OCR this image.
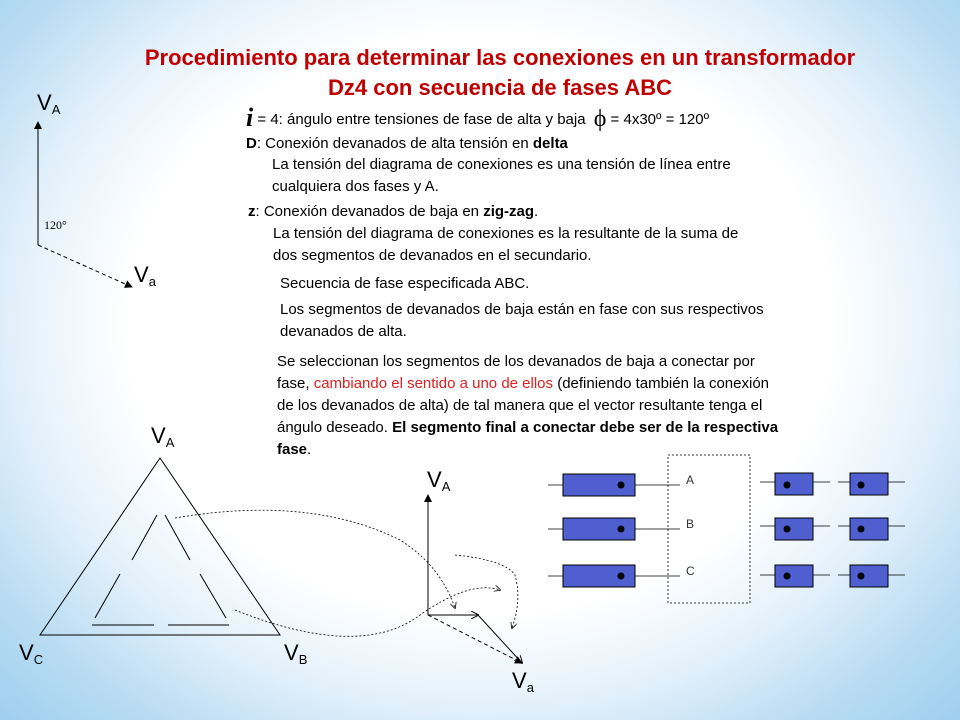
Procedimiento para determinar las conexiones en un transformador
Dz4 con secuencia de fases ABC
$V_A$
$V_a$
120°
i = 4: ángulo entre tensiones de fase de alta y baja ϕ = 4x30º = 120º
D: Conexión devanados de alta tensión en delta
La tensión del diagrama de conexiones es una tensión de línea entre
cualquiera dos fases y A.
z: Conexión devanados de baja en zig-zag.
La tensión del diagrama de conexiones es la resultante de la suma de
dos segmentos de devanados en el secundario.
Secuencia de fase especificada ABC.
Los segmentos de devanados de baja están en fase con sus respectivos
devanados de alta.
Se seleccionan los segmentos de los devanados de baja a conectar por
fase, cambiando el sentido a uno de ellos (definiendo también la conexión
de los devanados de alta) de tal manera que el vector resultante tenga el
ángulo deseado. El segmento final a conectar debe ser de la respectiva
fase.
$V_A$
$V_C$	$V_B$
$V_A$
$V_a$
A
B
C
